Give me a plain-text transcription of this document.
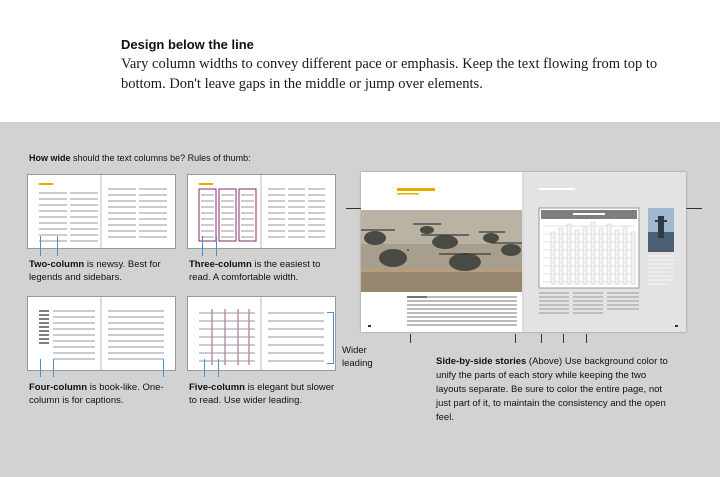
Design below the line
Vary column widths to convey different pace or emphasis. Keep the text flowing from top to bottom. Don't leave gaps in the middle or jump over elements.
How wide should the text columns be? Rules of thumb:
Two-column is newsy. Best for legends and sidebars.
Three-column is the easiest to read. A comfortable width.
Four-column is book-like. One-column is for captions.
Five-column is elegant but slower to read. Use wider leading.
Wider leading	Side-by-side stories (Above) Use background color to unify the parts of each story while keeping the two layouts separate. Be sure to color the entire page, not just part of it, to maintain the consistency and the open feel.
